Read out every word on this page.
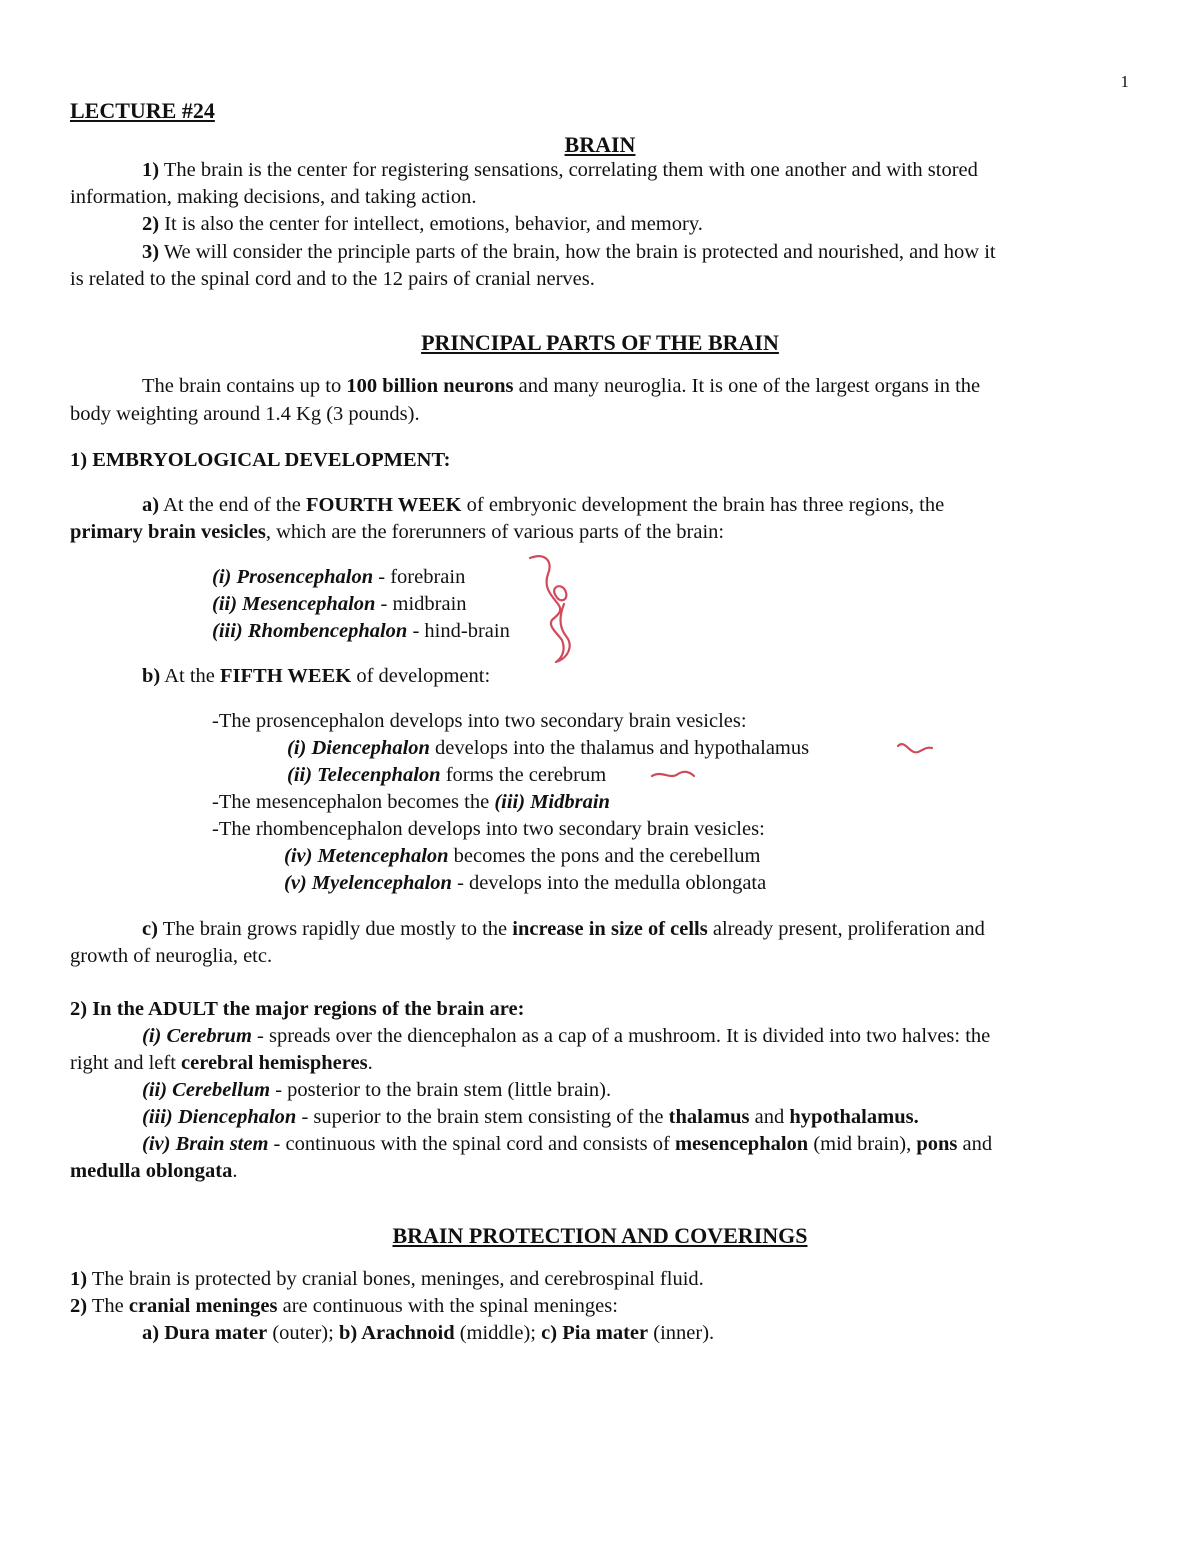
1
LECTURE #24
BRAIN
1) The brain is the center for registering sensations, correlating them with one another and with stored
information, making decisions, and taking action.
2) It is also the center for intellect, emotions, behavior, and memory.
3) We will consider the principle parts of the brain, how the brain is protected and nourished, and how it
is related to the spinal cord and to the 12 pairs of cranial nerves.
PRINCIPAL PARTS OF THE BRAIN
The brain contains up to 100 billion neurons and many neuroglia. It is one of the largest organs in the
body weighting around 1.4 Kg (3 pounds).
1) EMBRYOLOGICAL DEVELOPMENT:
a) At the end of the FOURTH WEEK of embryonic development the brain has three regions, the
primary brain vesicles, which are the forerunners of various parts of the brain:
(i) Prosencephalon - forebrain
(ii) Mesencephalon - midbrain
(iii) Rhombencephalon - hind-brain
b) At the FIFTH WEEK of development:
-The prosencephalon develops into two secondary brain vesicles:
(i) Diencephalon develops into the thalamus and hypothalamus
(ii) Telecenphalon forms the cerebrum
-The mesencephalon becomes the (iii) Midbrain
-The rhombencephalon develops into two secondary brain vesicles:
(iv) Metencephalon becomes the pons and the cerebellum
(v) Myelencephalon - develops into the medulla oblongata
c) The brain grows rapidly due mostly to the increase in size of cells already present, proliferation and
growth of neuroglia, etc.
2) In the ADULT the major regions of the brain are:
(i) Cerebrum - spreads over the diencephalon as a cap of a mushroom. It is divided into two halves: the
right and left cerebral hemispheres.
(ii) Cerebellum - posterior to the brain stem (little brain).
(iii) Diencephalon - superior to the brain stem consisting of the thalamus and hypothalamus.
(iv) Brain stem - continuous with the spinal cord and consists of mesencephalon (mid brain), pons and
medulla oblongata.
BRAIN PROTECTION AND COVERINGS
1) The brain is protected by cranial bones, meninges, and cerebrospinal fluid.
2) The cranial meninges are continuous with the spinal meninges:
a) Dura mater (outer); b) Arachnoid (middle); c) Pia mater (inner).
